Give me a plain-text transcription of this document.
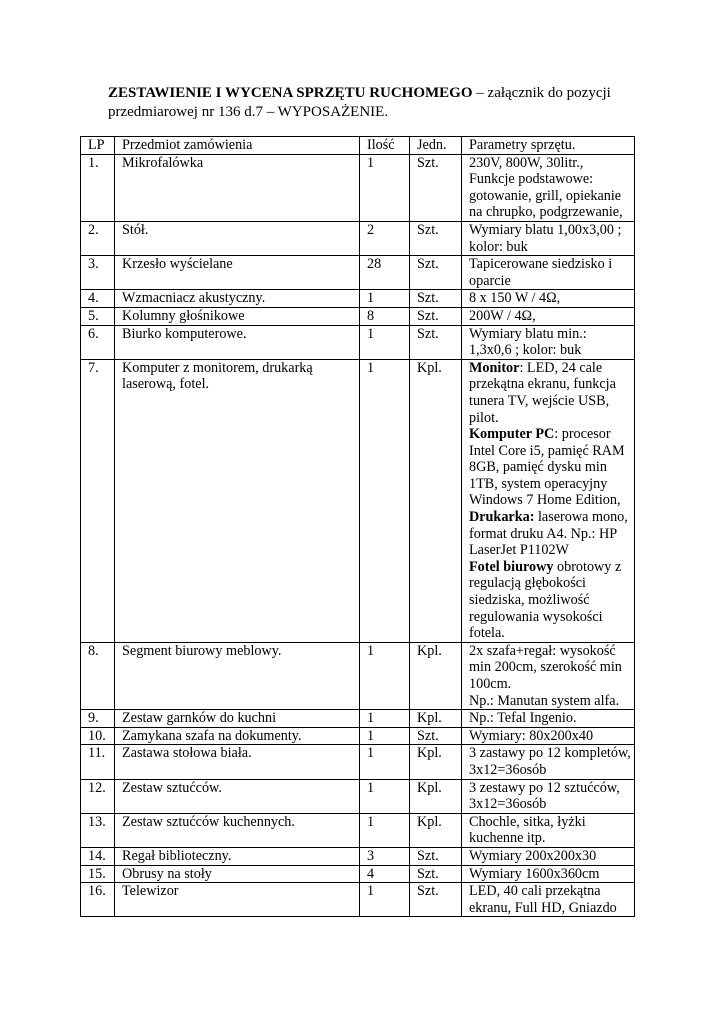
ZESTAWIENIE I WYCENA SPRZĘTU RUCHOMEGO – załącznik do pozycji przedmiarowej nr 136 d.7 – WYPOSAŻENIE.
LP	Przedmiot zamówienia	Ilość	Jedn.	Parametry sprzętu.
1.	Mikrofalówka	1	Szt.	230V, 800W, 30litr., Funkcje podstawowe: gotowanie, grill, opiekanie na chrupko, podgrzewanie,

2.	Stół.	2	Szt.	Wymiary blatu 1,00x3,00 ; kolor: buk

3.	Krzesło wyścielane	28	Szt.	Tapicerowane siedzisko i oparcie

4.	Wzmacniacz akustyczny.	1	Szt.	8 x 150 W / 4Ω,

5.	Kolumny głośnikowe	8	Szt.	200W / 4Ω,

6.	Biurko komputerowe.	1	Szt.	Wymiary blatu min.: 1,3x0,6 ; kolor: buk

7.	Komputer z monitorem, drukarką laserową, fotel.	1	Kpl.	Monitor: LED, 24 cale przekątna ekranu, funkcja tunera TV, wejście USB, pilot.
Komputer PC: procesor Intel Core i5, pamięć RAM 8GB, pamięć dysku min 1TB, system operacyjny Windows 7 Home Edition,
Drukarka: laserowa mono, format druku A4. Np.: HP LaserJet P1102W
Fotel biurowy obrotowy z regulacją głębokości siedziska, możliwość regulowania wysokości fotela.

8.	Segment biurowy meblowy.	1	Kpl.	2x szafa+regał: wysokość min 200cm, szerokość min 100cm.
Np.: Manutan system alfa.

9.	Zestaw garnków do kuchni	1	Kpl.	Np.: Tefal Ingenio.

10.	Zamykana szafa na dokumenty.	1	Szt.	Wymiary: 80x200x40

11.	Zastawa stołowa biała.	1	Kpl.	3 zastawy po 12 kompletów, 3x12=36osób

12.	Zestaw sztućców.	1	Kpl.	3 zestawy po 12 sztućców, 3x12=36osób

13.	Zestaw sztućców kuchennych.	1	Kpl.	Chochle, sitka, łyżki kuchenne itp.

14.	Regał biblioteczny.	3	Szt.	Wymiary 200x200x30

15.	Obrusy na stoły	4	Szt.	Wymiary 1600x360cm

16.	Telewizor	1	Szt.	LED, 40 cali przekątna ekranu, Full HD, Gniazdo
